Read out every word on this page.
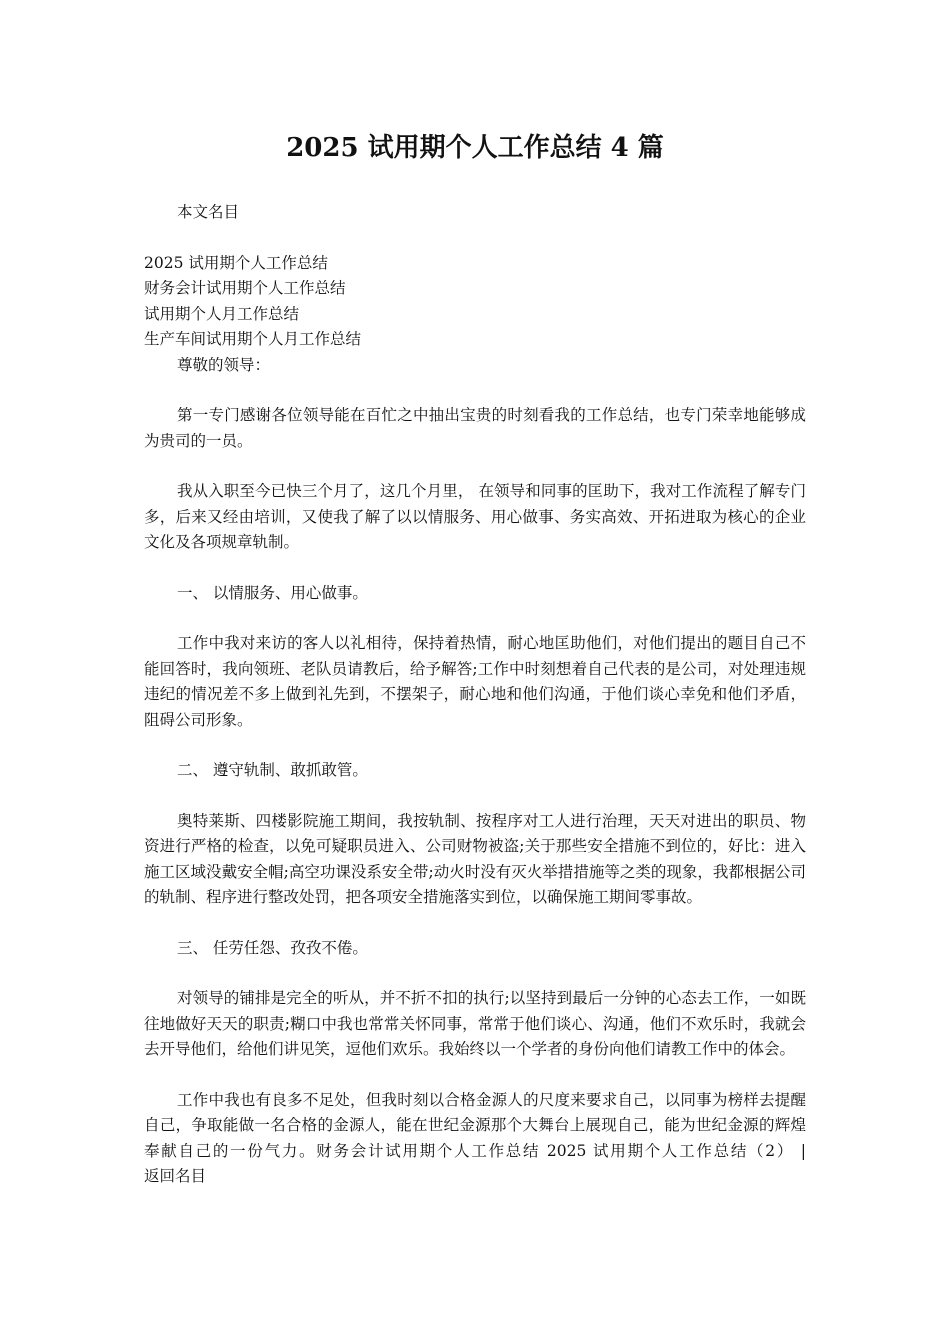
2025 试用期个人工作总结 4 篇

本文名目

2025 试用期个人工作总结
财务会计试用期个人工作总结
试用期个人月工作总结
生产车间试用期个人月工作总结

尊敬的领导：

第一专门感谢各位领导能在百忙之中抽出宝贵的时刻看我的工作总结，也专门荣幸地能够成为贵司的一员。

我从入职至今已快三个月了，这几个月里， 在领导和同事的匡助下，我对工作流程了解专门多，后来又经由培训，又使我了解了以以情服务、用心做事、务实高效、开拓进取为核心的企业文化及各项规章轨制。

一、 以情服务、用心做事。

工作中我对来访的客人以礼相待，保持着热情，耐心地匡助他们，对他们提出的题目自己不能回答时，我向领班、老队员请教后，给予解答;工作中时刻想着自己代表的是公司，对处理违规违纪的情况差不多上做到礼先到，不摆架子，耐心地和他们沟通，于他们谈心幸免和他们矛盾，阻碍公司形象。

二、 遵守轨制、敢抓敢管。

奥特莱斯、四楼影院施工期间，我按轨制、按程序对工人进行治理，天天对进出的职员、物资进行严格的检查，以免可疑职员进入、公司财物被盗;关于那些安全措施不到位的，好比：进入施工区域没戴安全帽;高空功课没系安全带;动火时没有灭火举措措施等之类的现象，我都根据公司的轨制、程序进行整改处罚，把各项安全措施落实到位，以确保施工期间零事故。

三、 任劳任怨、孜孜不倦。

对领导的铺排是完全的听从，并不折不扣的执行;以坚持到最后一分钟的心态去工作，一如既往地做好天天的职责;糊口中我也常常关怀同事，常常于他们谈心、沟通，他们不欢乐时，我就会去开导他们，给他们讲见笑，逗他们欢乐。我始终以一个学者的身份向他们请教工作中的体会。

工作中我也有良多不足处，但我时刻以合格金源人的尺度来要求自己，以同事为榜样去提醒自己，争取能做一名合格的金源人，能在世纪金源那个大舞台上展现自己，能为世纪金源的辉煌奉献自己的一份气力。财务会计试用期个人工作总结 2025 试用期个人工作总结（2） | 返回名目
